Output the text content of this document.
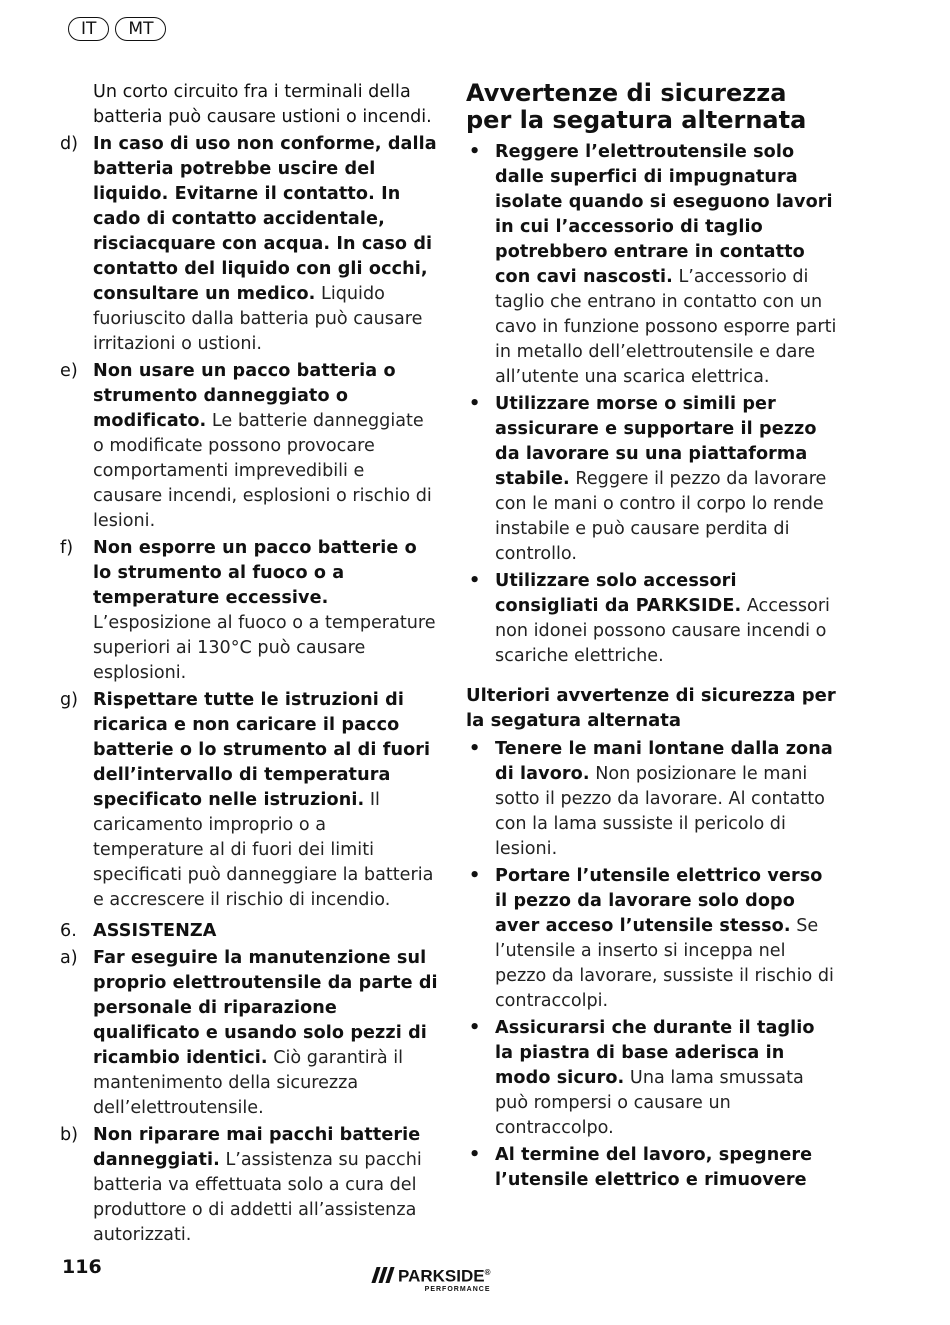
IT	MT

Un corto circuito fra i terminali della batteria può causare ustioni o incendi.

d) In caso di uso non conforme, dalla batteria potrebbe uscire del liquido. Evitarne il contatto. In cado di contatto accidentale, risciacquare con acqua. In caso di contatto del liquido con gli occhi, consultare un medico. Liquido fuoriuscito dalla batteria può causare irritazioni o ustioni.
e) Non usare un pacco batteria o strumento danneggiato o modificato. Le batterie danneggiate o modificate possono provocare comportamenti imprevedibili e causare incendi, esplosioni o rischio di lesioni.
f)	Non esporre un pacco batterie o lo strumento al fuoco o a temperature eccessive. L’esposizione al fuoco o a temperature superiori ai 130°C può causare esplosioni.
g) Rispettare tutte le istruzioni di ricarica e non caricare il pacco batterie o lo strumento al di fuori dell’intervallo di temperatura specificato nelle istruzioni. Il caricamento improprio o a temperature al di fuori dei limiti specificati può danneggiare la batteria e accrescere il rischio di incendio.
6. ASSISTENZA
a) Far eseguire la manutenzione sul proprio elettroutensile da parte di personale di riparazione qualificato e usando solo pezzi di ricambio identici. Ciò garantirà il mantenimento della sicurezza dell’elettroutensile.
b) Non riparare mai pacchi batterie danneggiati. L’assistenza su pacchi batteria va effettuata solo a cura del produttore o di addetti all’assistenza autorizzati.
Avvertenze di sicurezza per la segatura alternata
• Reggere l’elettroutensile solo dalle superfici di impugnatura isolate quando si eseguono lavori in cui l’accessorio di taglio potrebbero entrare in contatto con cavi nascosti. L’accessorio di taglio che entrano in contatto con un cavo in funzione possono esporre parti in metallo dell’elettroutensile e dare all’utente una scarica elettrica.
• Utilizzare morse o simili per assicurare e supportare il pezzo da lavorare su una piattaforma stabile. Reggere il pezzo da lavorare con le mani o contro il corpo lo rende instabile e può causare perdita di controllo.
• Utilizzare solo accessori consigliati da PARKSIDE. Accessori non idonei possono causare incendi o scariche elettriche.
Ulteriori avvertenze di sicurezza per la segatura alternata
• Tenere le mani lontane dalla zona di lavoro. Non posizionare le mani sotto il pezzo da lavorare. Al contatto con la lama sussiste il pericolo di lesioni.
• Portare l’utensile elettrico verso il pezzo da lavorare solo dopo aver acceso l’utensile stesso. Se l’utensile a inserto si inceppa nel pezzo da lavorare, sussiste il rischio di contraccolpi.
• Assicurarsi che durante il taglio la piastra di base aderisca in modo sicuro. Una lama smussata può rompersi o causare un contraccolpo.
• Al termine del lavoro, spegnere l’utensile elettrico e rimuovere
116	PARKSIDE®
PERFORMANCE
